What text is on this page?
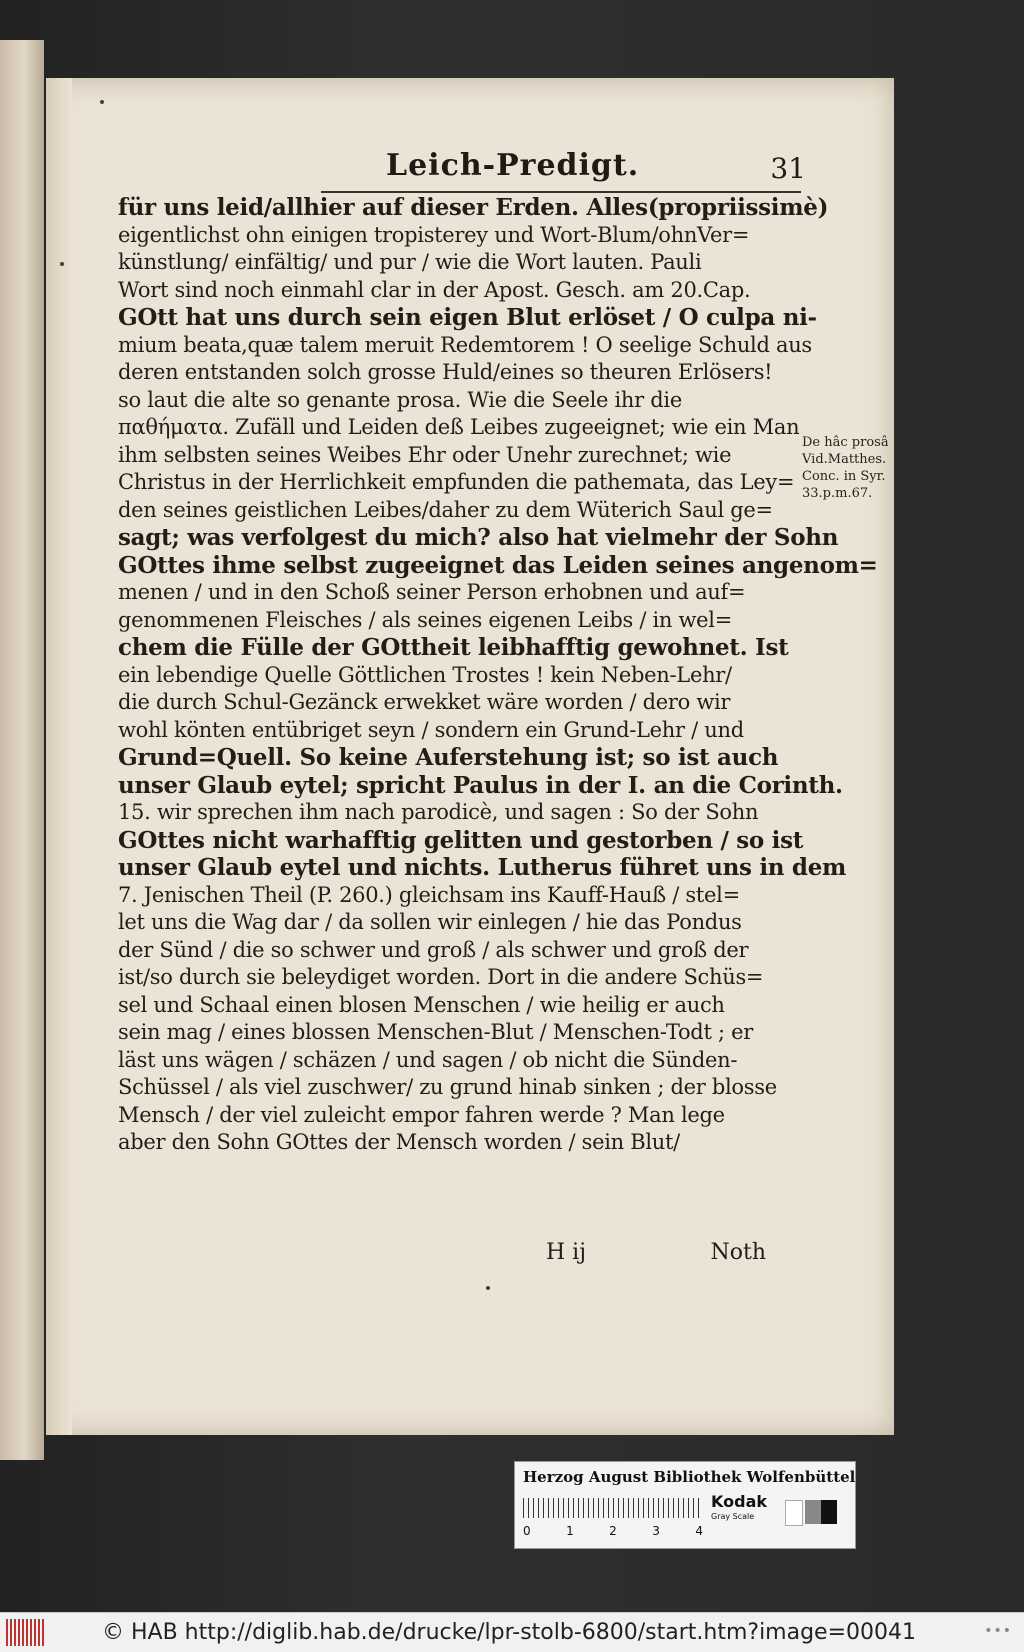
Leich-Predigt.	31
für uns leid/allhier auf dieser Erden. Alles(propriissimè)
eigentlichst ohn einigen tropisterey und Wort-Blum/ohnVer=
künstlung/ einfältig/ und pur / wie die Wort lauten. Pauli
Wort sind noch einmahl clar in der Apost. Gesch. am 20.Cap.
GOtt hat uns durch sein eigen Blut erlöset / O culpa ni-
mium beata,quæ talem meruit Redemtorem ! O seelige Schuld aus
deren entstanden solch grosse Huld/eines so theuren Erlösers!
so laut die alte so genante prosa. Wie die Seele ihr die
παθήματα. Zufäll und Leiden deß Leibes zugeeignet; wie ein Man
ihm selbsten seines Weibes Ehr oder Unehr zurechnet; wie
Christus in der Herrlichkeit empfunden die pathemata, das Ley=
den seines geistlichen Leibes/daher zu dem Wüterich Saul ge=
sagt; was verfolgest du mich? also hat vielmehr der Sohn
GOttes ihme selbst zugeeignet das Leiden seines angenom=
menen / und in den Schoß seiner Person erhobnen und auf=
genommenen Fleisches / als seines eigenen Leibs / in wel=
chem die Fülle der GOttheit leibhafftig gewohnet. Ist
ein lebendige Quelle Göttlichen Trostes ! kein Neben-Lehr/
die durch Schul-Gezänck erwekket wäre worden / dero wir
wohl könten entübriget seyn / sondern ein Grund-Lehr / und
Grund=Quell. So keine Auferstehung ist; so ist auch
unser Glaub eytel; spricht Paulus in der I. an die Corinth.
15. wir sprechen ihm nach parodicè, und sagen : So der Sohn
GOttes nicht warhafftig gelitten und gestorben / so ist
unser Glaub eytel und nichts. Lutherus führet uns in dem
7. Jenischen Theil (P. 260.) gleichsam ins Kauff-Hauß / stel=
let uns die Wag dar / da sollen wir einlegen / hie das Pondus
der Sünd / die so schwer und groß / als schwer und groß der
ist/so durch sie beleydiget worden. Dort in die andere Schüs=
sel und Schaal einen blosen Menschen / wie heilig er auch
sein mag / eines blossen Menschen-Blut / Menschen-Todt ; er
läst uns wägen / schäzen / und sagen / ob nicht die Sünden-
Schüssel / als viel zuschwer/ zu grund hinab sinken ; der blosse
Mensch / der viel zuleicht empor fahren werde ? Man lege
aber den Sohn GOttes der Mensch worden / sein Blut/
H ij	Noth
De hâc prosâ
Vid.Matthes.
Conc. in Syr.
33.p.m.67.
Herzog August Bibliothek Wolfenbüttel
0	1	2	3	4
Kodak
Gray Scale
© HAB http://diglib.hab.de/drucke/lpr-stolb-6800/start.htm?image=00041	•••
